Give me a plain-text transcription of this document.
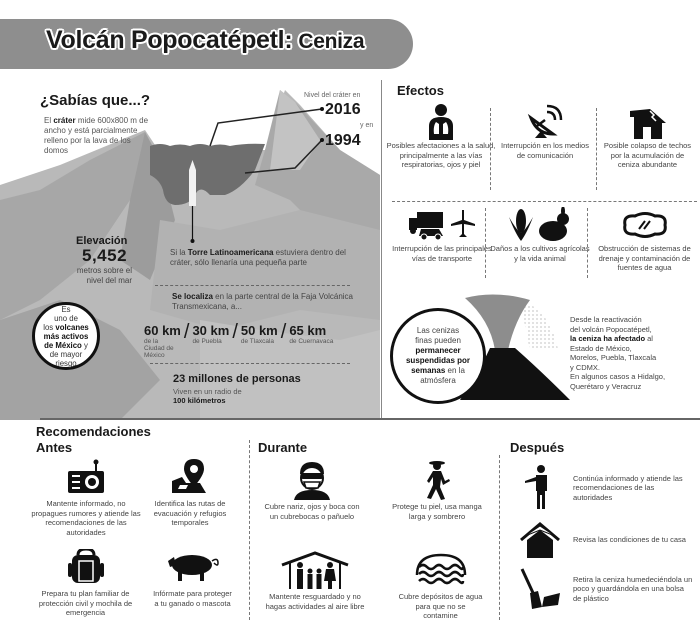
Volcán Popocatépetl: Ceniza
¿Sabías que...?
El cráter mide 600x800 m de ancho y está parcialmente relleno por la lava de los domos
Nivel del cráter en
2016
y en
1994
Elevación
5,452
metros sobre el nivel del mar
Si la Torre Latinoamericana estuviera dentro del cráter, sólo llenaría una pequeña parte
Se localiza en la parte central de la Faja Volcánica Transmexicana, a...
60 km
de la Ciudad de México
/ 30 km
de Puebla / 50 km
de Tlaxcala / 65 km
de Cuernavaca
23 millones de personas
Viven en un radio de
100 kilómetros
Es
uno de
los volcanes
más activos
de México y
de mayor
riesgo
Efectos
Posibles afectaciones a la salud, principalmente a las vías respiratorias, ojos y piel
Interrupción en los medios de comunicación
Posible colapso de techos por la acumulación de ceniza abundante
Interrupción de las principales vías de transporte
Daños a los cultivos agrícolas y la vida animal
Obstrucción de sistemas de drenaje y contaminación de fuentes de agua
Las cenizas
finas pueden
permanecer
suspendidas por
semanas en la
atmósfera
Desde la reactivación
del volcán Popocatépetl,
la ceniza ha afectado al
Estado de México,
Morelos, Puebla, Tlaxcala
y CDMX.
En algunos casos a Hidalgo,
Querétaro y Veracruz
Recomendaciones
Antes
Mantente informado, no propagues rumores y atiende las recomendaciones de las autoridades
Identifica las rutas de evacuación y refugios temporales
Prepara tu plan familiar de protección civil y mochila de emergencia
Infórmate para proteger a tu ganado o mascota
Durante
Cubre nariz, ojos y boca con un cubrebocas o pañuelo
Protege tu piel, usa manga larga y sombrero
Mantente resguardado y no hagas actividades al aire libre
Cubre depósitos de agua para que no se contamine
Después
Continúa informado y atiende las recomendaciones de las autoridades
Revisa las condiciones de tu casa
Retira la ceniza humedeciéndola un poco y guardándola en una bolsa de plástico
